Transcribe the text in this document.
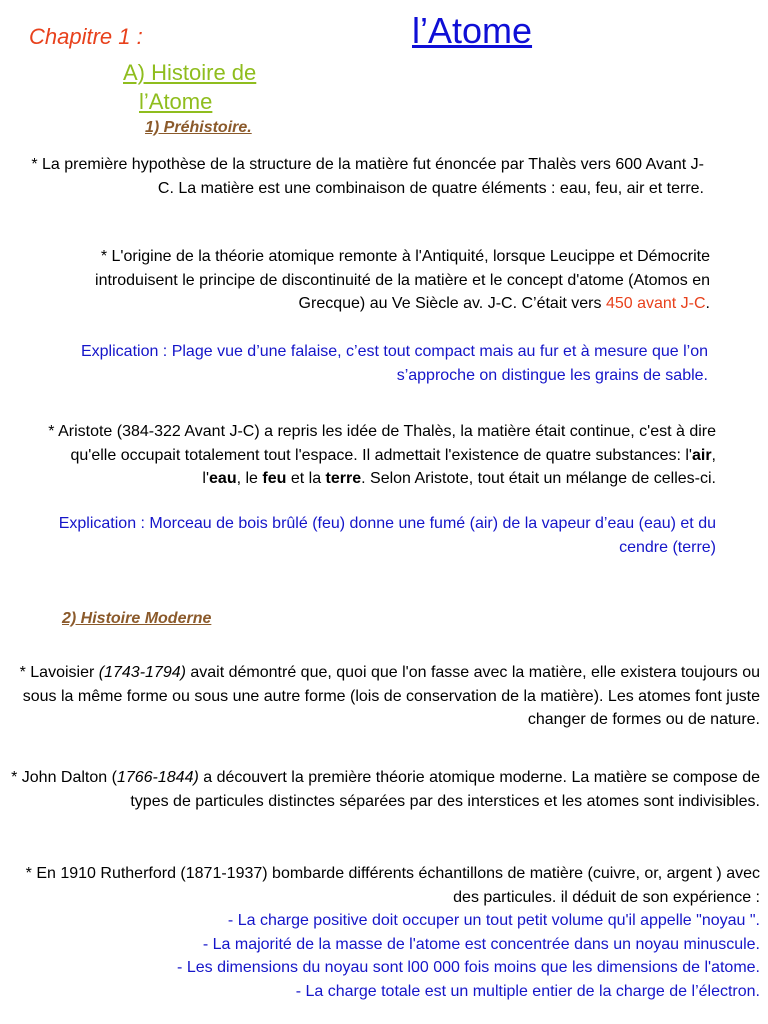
Chapitre 1 :	l’Atome
A) Histoire de
l’Atome
1) Préhistoire.
* La première hypothèse de la structure de la matière fut énoncée par Thalès vers 600 Avant J-C. La matière est une combinaison de quatre éléments : eau, feu, air et terre.
* L'origine de la théorie atomique remonte à l'Antiquité, lorsque Leucippe et Démocrite introduisent le principe de discontinuité de la matière et le concept d'atome (Atomos en Grecque) au Ve Siècle av. J-C. C’était vers 450 avant J-C.
Explication : Plage vue d’une falaise, c’est tout compact mais au fur et à mesure que l’on s’approche on distingue les grains de sable.
* Aristote (384-322 Avant J-C) a repris les idée de Thalès, la matière était continue, c'est à dire qu'elle occupait totalement tout l'espace. Il admettait l'existence de quatre substances: l'air, l'eau, le feu et la terre. Selon Aristote, tout était un mélange de celles-ci.
Explication : Morceau de bois brûlé (feu) donne une fumé (air) de la vapeur d’eau (eau) et du cendre (terre)
2) Histoire Moderne
* Lavoisier (1743-1794) avait démontré que, quoi que l'on fasse avec la matière, elle existera toujours ou sous la même forme ou sous une autre forme (lois de conservation de la matière). Les atomes font juste changer de formes ou de nature.
* John Dalton (1766-1844) a découvert la première théorie atomique moderne. La matière se compose de types de particules distinctes séparées par des interstices et les atomes sont indivisibles.
* En 1910 Rutherford (1871-1937) bombarde différents échantillons de matière (cuivre, or, argent ) avec des particules. il déduit de son expérience :
- La charge positive doit occuper un tout petit volume qu'il appelle "noyau ".
- La majorité de la masse de l'atome est concentrée dans un noyau minuscule.
- Les dimensions du noyau sont l00 000 fois moins que les dimensions de l'atome.
- La charge totale est un multiple entier de la charge de l’électron.
